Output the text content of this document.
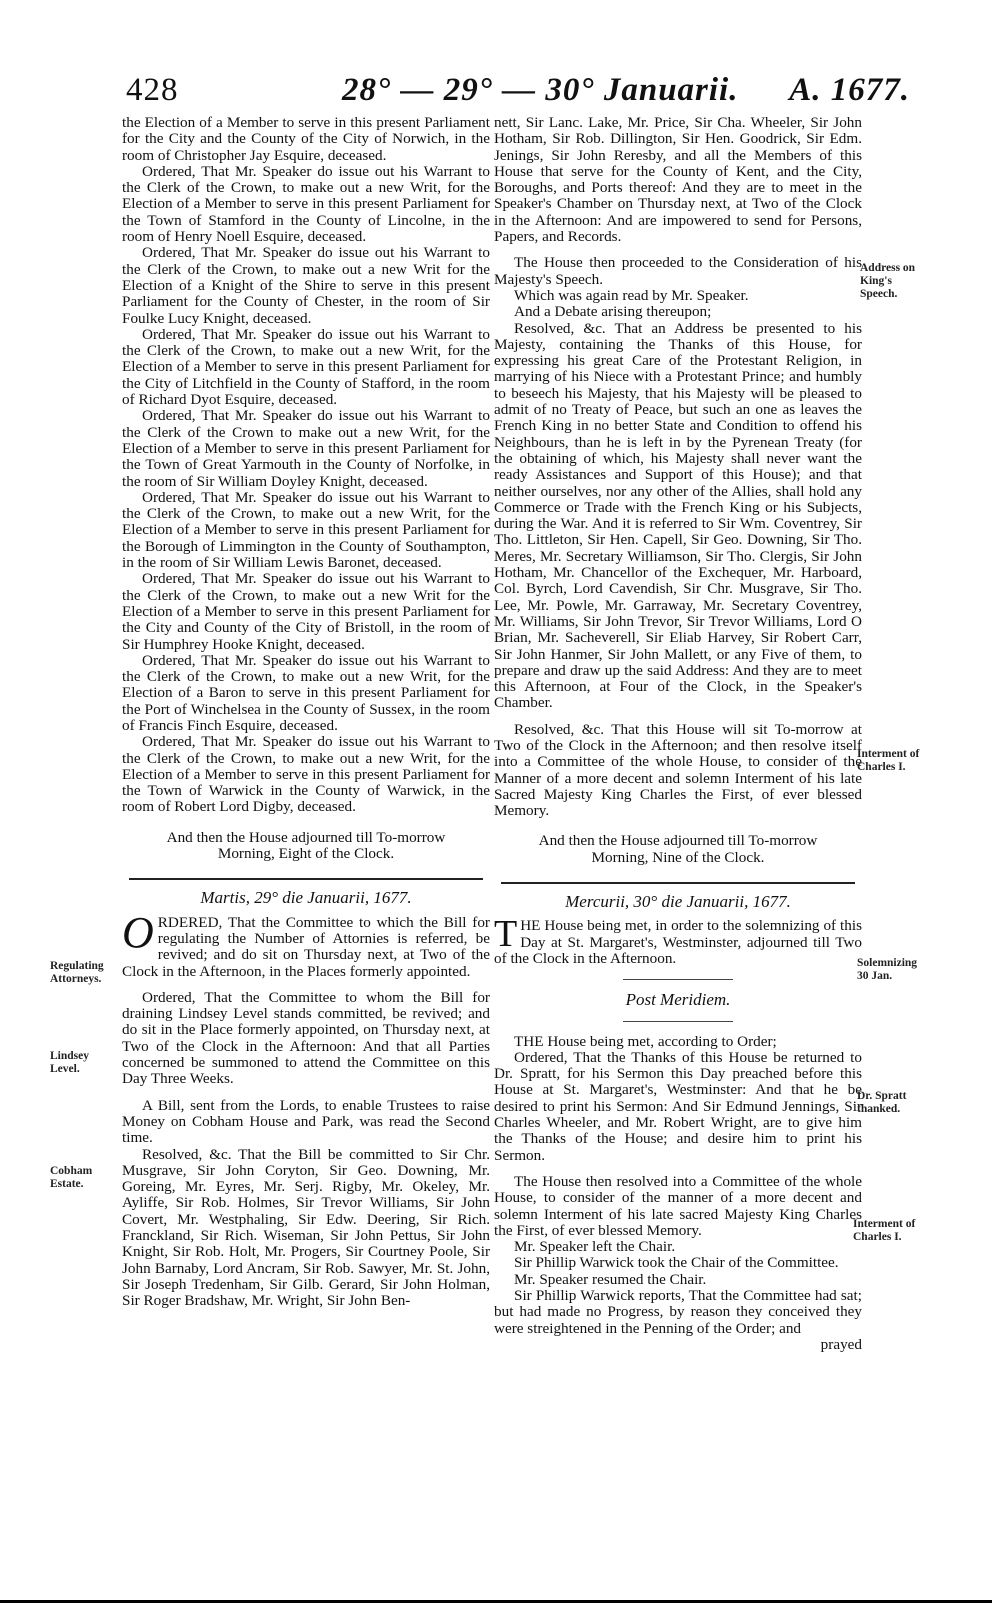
428	28° — 29° — 30° Januarii. A. 1677.

the Election of a Member to serve in this present Parliament for the City and the County of the City of Norwich, in the room of Christopher Jay Esquire, deceased.

Ordered, That Mr. Speaker do issue out his Warrant to the Clerk of the Crown, to make out a new Writ, for the Election of a Member to serve in this present Parliament for the Town of Stamford in the County of Lincolne, in the room of Henry Noell Esquire, deceased.

Ordered, That Mr. Speaker do issue out his Warrant to the Clerk of the Crown, to make out a new Writ for the Election of a Knight of the Shire to serve in this present Parliament for the County of Chester, in the room of Sir Foulke Lucy Knight, deceased.

Ordered, That Mr. Speaker do issue out his Warrant to the Clerk of the Crown, to make out a new Writ, for the Election of a Member to serve in this present Parliament for the City of Litchfield in the County of Stafford, in the room of Richard Dyot Esquire, deceased.

Ordered, That Mr. Speaker do issue out his Warrant to the Clerk of the Crown to make out a new Writ, for the Election of a Member to serve in this present Parliament for the Town of Great Yarmouth in the County of Norfolke, in the room of Sir William Doyley Knight, deceased.

Ordered, That Mr. Speaker do issue out his Warrant to the Clerk of the Crown, to make out a new Writ, for the Election of a Member to serve in this present Parliament for the Borough of Limmington in the County of Southampton, in the room of Sir William Lewis Baronet, deceased.

Ordered, That Mr. Speaker do issue out his Warrant to the Clerk of the Crown, to make out a new Writ for the Election of a Member to serve in this present Parliament for the City and County of the City of Bristoll, in the room of Sir Humphrey Hooke Knight, deceased.

Ordered, That Mr. Speaker do issue out his Warrant to the Clerk of the Crown, to make out a new Writ, for the Election of a Baron to serve in this present Parliament for the Port of Winchelsea in the County of Sussex, in the room of Francis Finch Esquire, deceased.

Ordered, That Mr. Speaker do issue out his Warrant to the Clerk of the Crown, to make out a new Writ, for the Election of a Member to serve in this present Parliament for the Town of Warwick in the County of Warwick, in the room of Robert Lord Digby, deceased.

And then the House adjourned till To-morrow Morning, Eight of the Clock.

Martis, 29° die Januarii, 1677.

ORDERED, That the Committee to which the Bill for regulating the Number of Attornies is referred, be revived; and do sit on Thursday next, at Two of the Clock in the Afternoon, in the Places formerly appointed.

Ordered, That the Committee to whom the Bill for draining Lindsey Level stands committed, be revived; and do sit in the Place formerly appointed, on Thursday next, at Two of the Clock in the Afternoon: And that all Parties concerned be summoned to attend the Committee on this Day Three Weeks.

A Bill, sent from the Lords, to enable Trustees to raise Money on Cobham House and Park, was read the Second time.

Resolved, &c. That the Bill be committed to Sir Chr. Musgrave, Sir John Coryton, Sir Geo. Downing, Mr. Goreing, Mr. Eyres, Mr. Serj. Rigby, Mr. Okeley, Mr. Ayliffe, Sir Rob. Holmes, Sir Trevor Williams, Sir John Covert, Mr. Westphaling, Sir Edw. Deering, Sir Rich. Franckland, Sir Rich. Wiseman, Sir John Pettus, Sir John Knight, Sir Rob. Holt, Mr. Progers, Sir Courtney Poole, Sir John Barnaby, Lord Ancram, Sir Rob. Sawyer, Mr. St. John, Sir Joseph Tredenham, Sir Gilb. Gerard, Sir John Holman, Sir Roger Bradshaw, Mr. Wright, Sir John Ben-

nett, Sir Lanc. Lake, Mr. Price, Sir Cha. Wheeler, Sir John Hotham, Sir Rob. Dillington, Sir Hen. Goodrick, Sir Edm. Jenings, Sir John Reresby, and all the Members of this House that serve for the County of Kent, and the City, Boroughs, and Ports thereof: And they are to meet in the Speaker's Chamber on Thursday next, at Two of the Clock in the Afternoon: And are impowered to send for Persons, Papers, and Records.

The House then proceeded to the Consideration of his Majesty's Speech.

Which was again read by Mr. Speaker.

And a Debate arising thereupon;

Resolved, &c. That an Address be presented to his Majesty, containing the Thanks of this House, for expressing his great Care of the Protestant Religion, in marrying of his Niece with a Protestant Prince; and humbly to beseech his Majesty, that his Majesty will be pleased to admit of no Treaty of Peace, but such an one as leaves the French King in no better State and Condition to offend his Neighbours, than he is left in by the Pyrenean Treaty (for the obtaining of which, his Majesty shall never want the ready Assistances and Support of this House); and that neither ourselves, nor any other of the Allies, shall hold any Commerce or Trade with the French King or his Subjects, during the War. And it is referred to Sir Wm. Coventrey, Sir Tho. Littleton, Sir Hen. Capell, Sir Geo. Downing, Sir Tho. Meres, Mr. Secretary Williamson, Sir Tho. Clergis, Sir John Hotham, Mr. Chancellor of the Exchequer, Mr. Harboard, Col. Byrch, Lord Cavendish, Sir Chr. Musgrave, Sir Tho. Lee, Mr. Powle, Mr. Garraway, Mr. Secretary Coventrey, Mr. Williams, Sir John Trevor, Sir Trevor Williams, Lord O Brian, Mr. Sacheverell, Sir Eliab Harvey, Sir Robert Carr, Sir John Hanmer, Sir John Mallett, or any Five of them, to prepare and draw up the said Address: And they are to meet this Afternoon, at Four of the Clock, in the Speaker's Chamber.

Resolved, &c. That this House will sit To-morrow at Two of the Clock in the Afternoon; and then resolve itself into a Committee of the whole House, to consider of the Manner of a more decent and solemn Interment of his late Sacred Majesty King Charles the First, of ever blessed Memory.

And then the House adjourned till To-morrow Morning, Nine of the Clock.

Mercurii, 30° die Januarii, 1677.

THE House being met, in order to the solemnizing of this Day at St. Margaret's, Westminster, adjourned till Two of the Clock in the Afternoon.

Post Meridiem.

THE House being met, according to Order;

Ordered, That the Thanks of this House be returned to Dr. Spratt, for his Sermon this Day preached before this House at St. Margaret's, Westminster: And that he be desired to print his Sermon: And Sir Edmund Jennings, Sir Charles Wheeler, and Mr. Robert Wright, are to give him the Thanks of the House; and desire him to print his Sermon.

The House then resolved into a Committee of the whole House, to consider of the manner of a more decent and solemn Interment of his late sacred Majesty King Charles the First, of ever blessed Memory.

Mr. Speaker left the Chair.

Sir Phillip Warwick took the Chair of the Committee.

Mr. Speaker resumed the Chair.

Sir Phillip Warwick reports, That the Committee had sat; but had made no Progress, by reason they conceived they were streightened in the Penning of the Order; and

prayed

Regulating Attorneys.
Lindsey Level.
Cobham Estate.
Address on King's Speech.
Interment of Charles I.
Solemnizing 30 Jan.
Dr. Spratt thanked.
Interment of Charles I.
